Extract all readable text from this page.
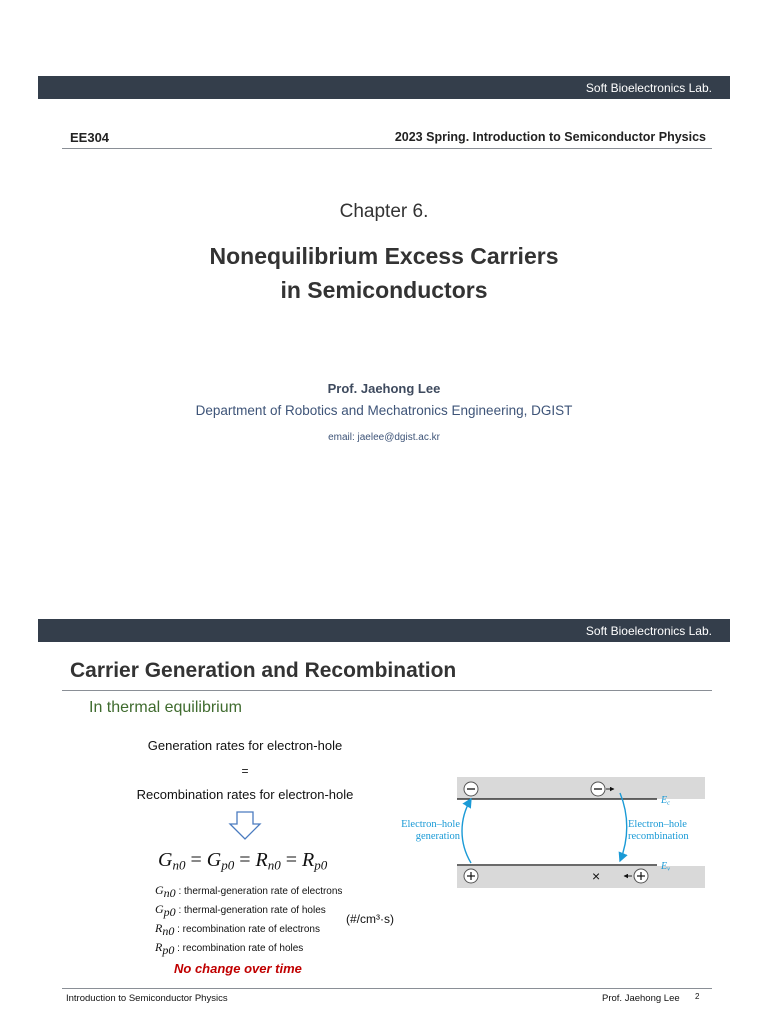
Soft Bioelectronics Lab.
EE304	2023 Spring. Introduction to Semiconductor Physics
Chapter 6.
Nonequilibrium Excess Carriers
in Semiconductors
Prof. Jaehong Lee
Department of Robotics and Mechatronics Engineering, DGIST
email: jaelee@dgist.ac.kr
Soft Bioelectronics Lab.
Carrier Generation and Recombination
In thermal equilibrium
Generation rates for electron-hole
=
Recombination rates for electron-hole
$G_{n0} = G_{p0} = R_{n0} = R_{p0}$
Gn0 : thermal-generation rate of electrons
Gp0 : thermal-generation rate of holes
Rn0 : recombination rate of electrons
Rp0 : recombination rate of holes
(#/cm³·s)
No change over time
×
Electron–hole
generation
Electron–hole
recombination
$E_c$
$E_v$
Introduction to Semiconductor Physics	Prof. Jaehong Lee 2
